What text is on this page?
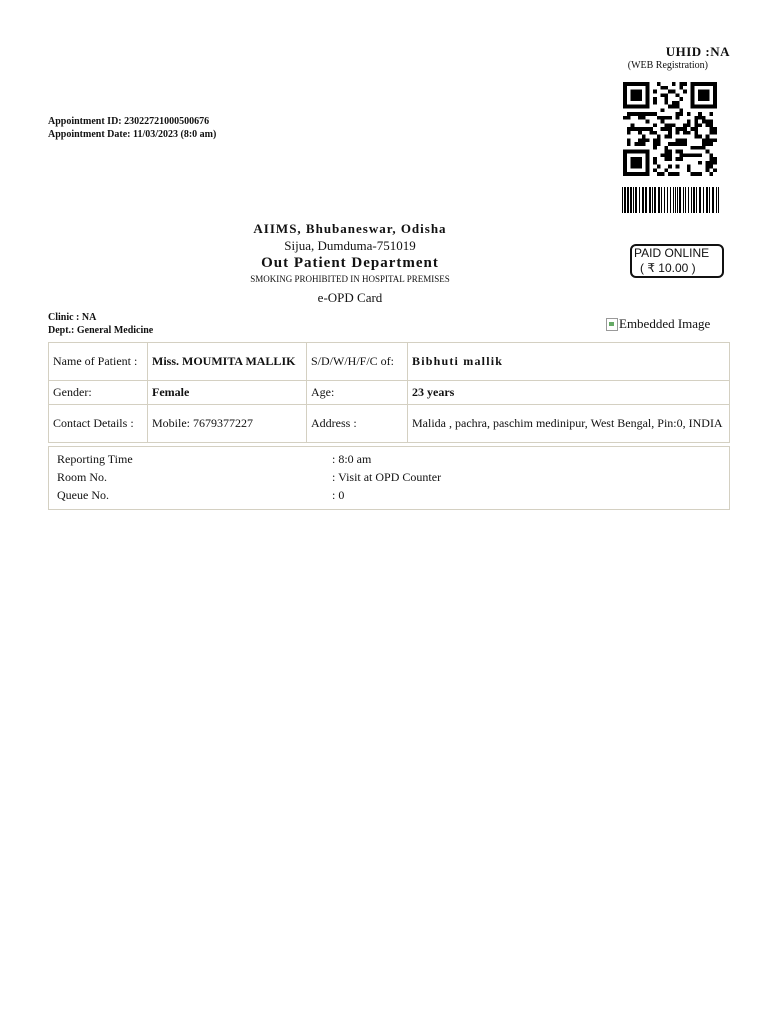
UHID :NA
(WEB Registration)
Appointment ID: 23022721000500676
Appointment Date: 11/03/2023 (8:0 am)
AIIMS, Bhubaneswar, Odisha
Sijua, Dumduma-751019
Out Patient Department
SMOKING PROHIBITED IN HOSPITAL PREMISES
e-OPD Card
PAID ONLINE
( ₹ 10.00 )
Clinic : NA
Dept.: General Medicine	Embedded Image
Name of Patient :	Miss. MOUMITA MALLIK	S/D/W/H/F/C of:	Bibhuti mallik
Gender:	Female	Age:	23 years
Contact Details :	Mobile: 7679377227	Address :	Malida , pachra, paschim medinipur, West Bengal, Pin:0, INDIA
Reporting Time	: 8:0 am
Room No.	: Visit at OPD Counter
Queue No.	: 0
